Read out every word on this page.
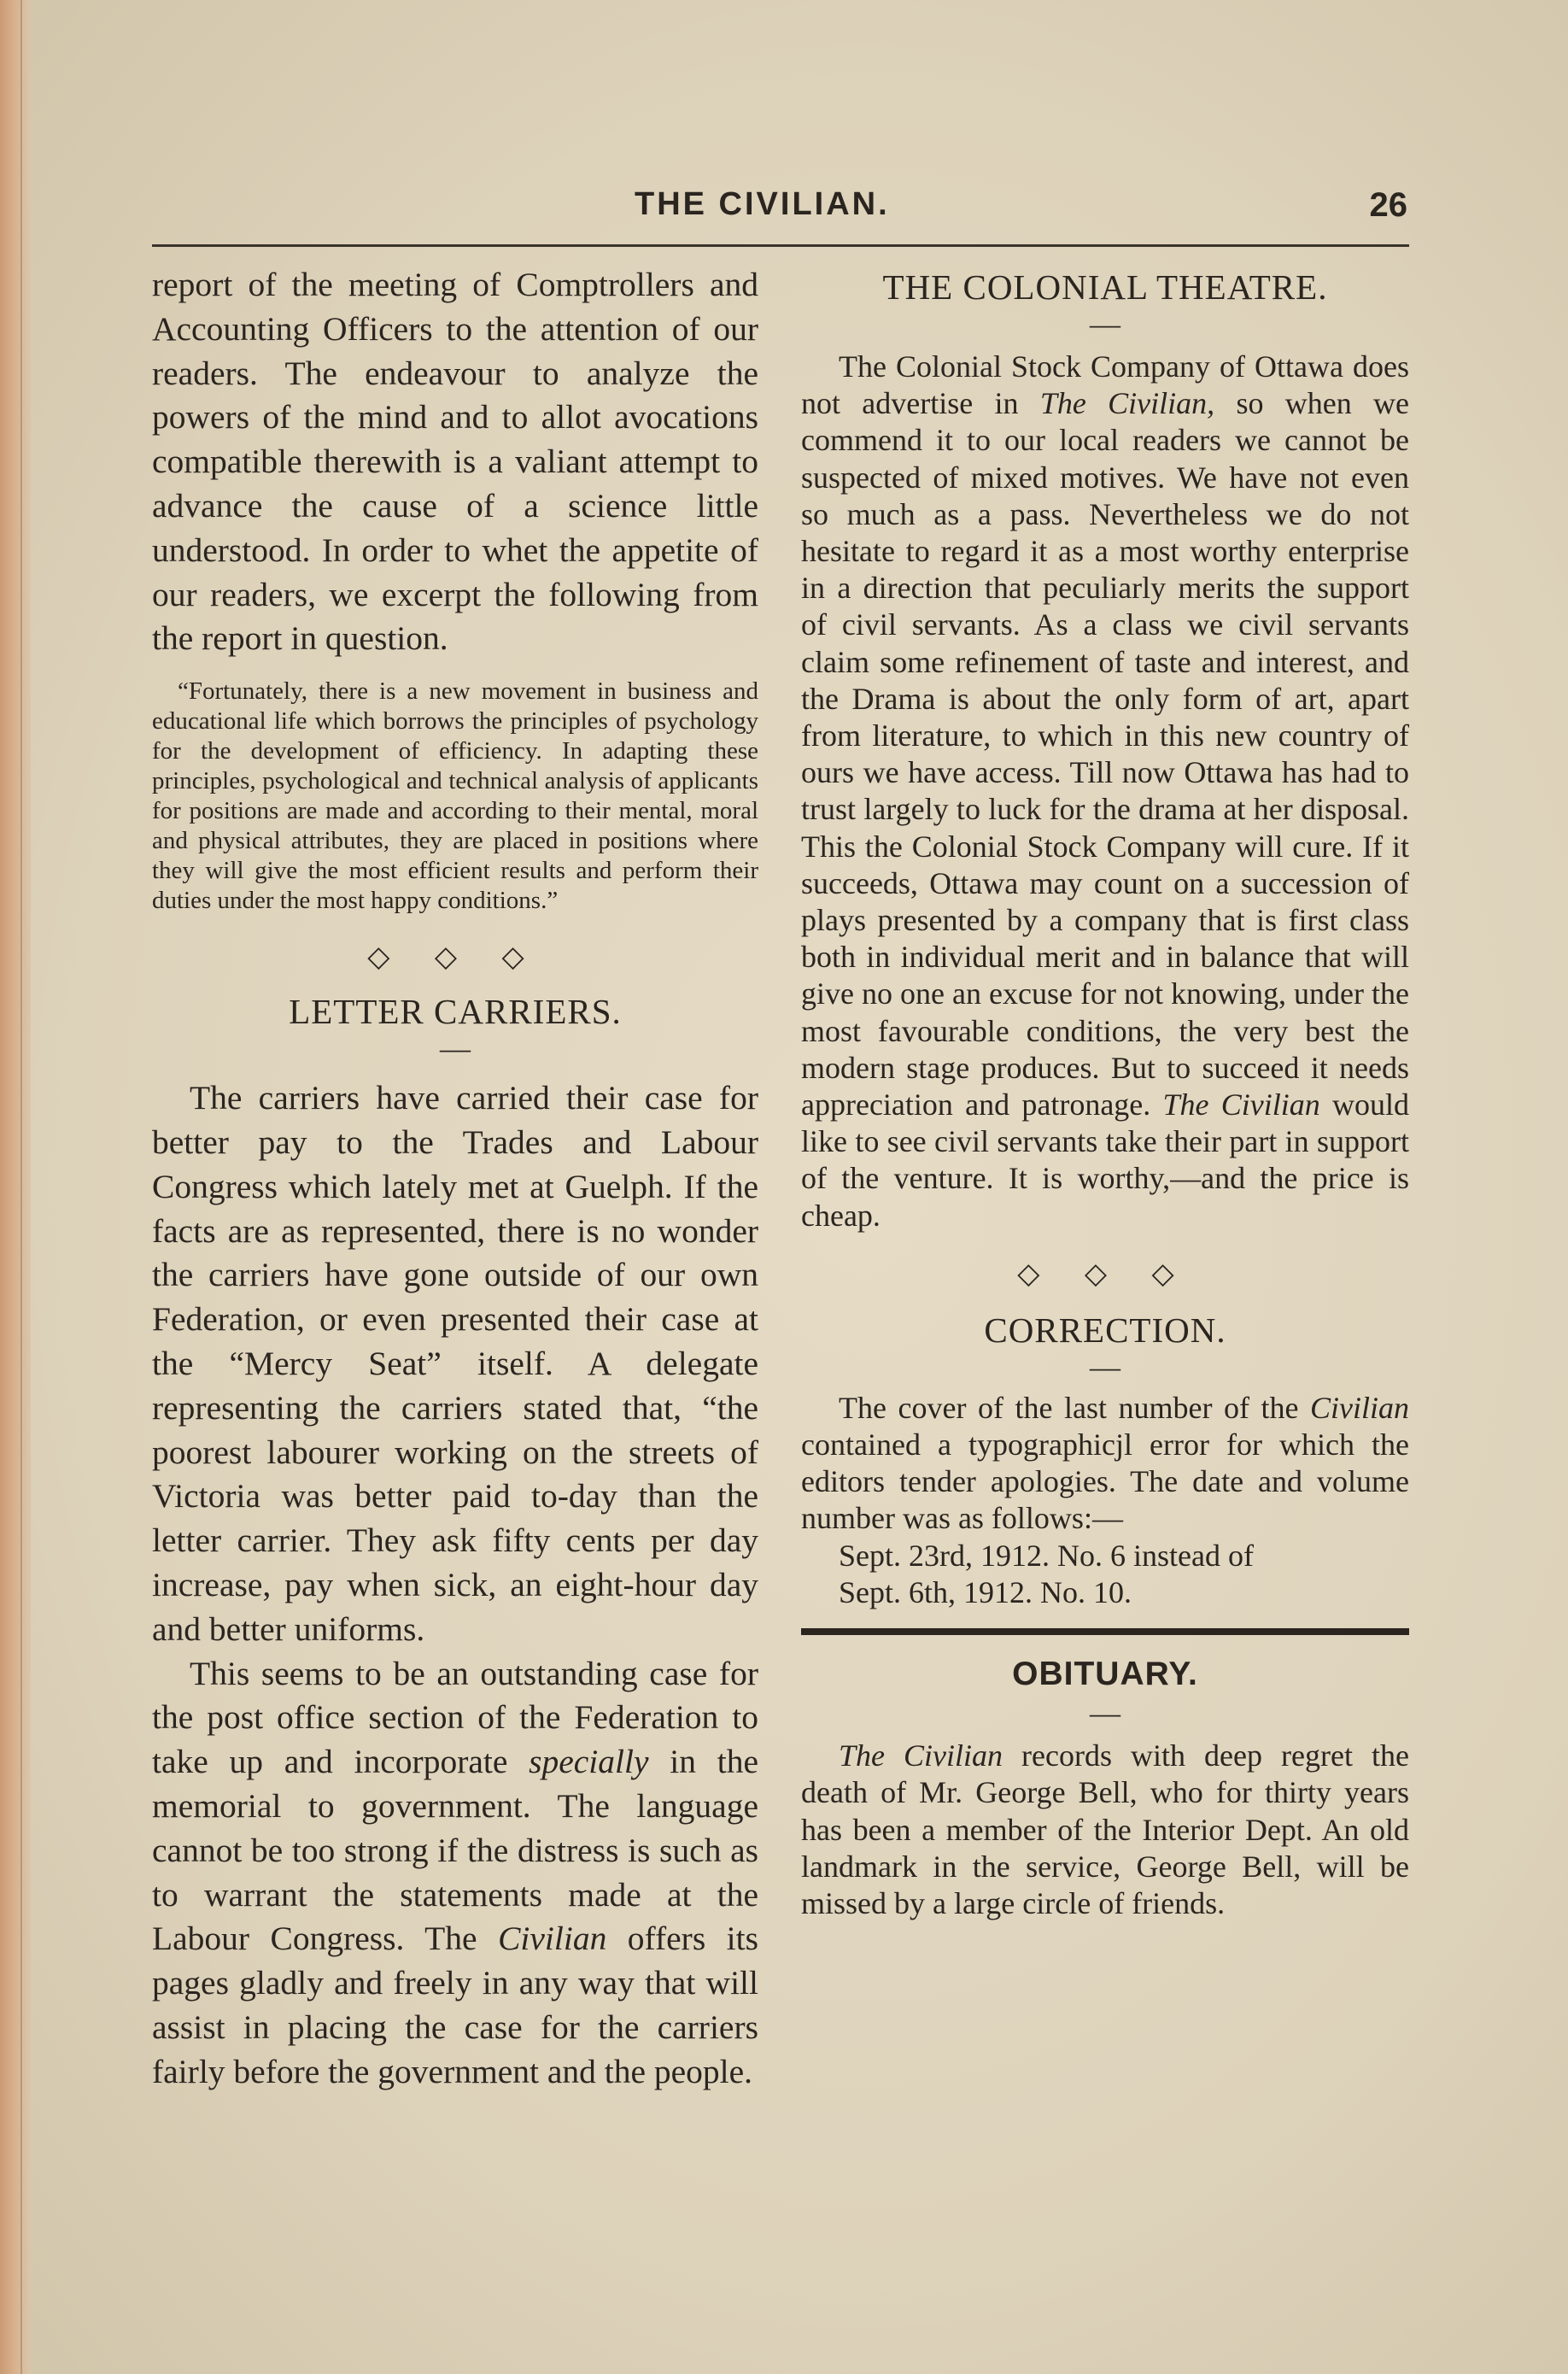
THE CIVILIAN.	26

report of the meeting of Comptrollers and Accounting Officers to the attention of our readers. The endeavour to analyze the powers of the mind and to allot avocations compatible therewith is a valiant attempt to advance the cause of a science little understood. In order to whet the appetite of our readers, we excerpt the following from the report in question.

“Fortunately, there is a new movement in business and educational life which borrows the principles of psychology for the development of efficiency. In adapting these principles, psychological and technical analysis of applicants for positions are made and according to their mental, moral and physical attributes, they are placed in positions where they will give the most efficient results and perform their duties under the most happy conditions.”

◇ ◇ ◇
LETTER CARRIERS.
—

The carriers have carried their case for better pay to the Trades and Labour Congress which lately met at Guelph. If the facts are as represented, there is no wonder the carriers have gone outside of our own Federation, or even presented their case at the “Mercy Seat” itself. A delegate representing the carriers stated that, “the poorest labourer working on the streets of Victoria was better paid to-day than the letter carrier. They ask fifty cents per day increase, pay when sick, an eight-hour day and better uniforms.

This seems to be an outstanding case for the post office section of the Federation to take up and incorporate specially in the memorial to government. The language cannot be too strong if the distress is such as to warrant the statements made at the Labour Congress. The Civilian offers its pages gladly and freely in any way that will assist in placing the case for the carriers fairly before the government and the people.

THE COLONIAL THEATRE.
—

The Colonial Stock Company of Ottawa does not advertise in The Civilian, so when we commend it to our local readers we cannot be suspected of mixed motives. We have not even so much as a pass. Nevertheless we do not hesitate to regard it as a most worthy enterprise in a direction that peculiarly merits the support of civil servants. As a class we civil servants claim some refinement of taste and interest, and the Drama is about the only form of art, apart from literature, to which in this new country of ours we have access. Till now Ottawa has had to trust largely to luck for the drama at her disposal. This the Colonial Stock Company will cure. If it succeeds, Ottawa may count on a succession of plays presented by a company that is first class both in individual merit and in balance that will give no one an excuse for not knowing, under the most favourable conditions, the very best the modern stage produces. But to succeed it needs appreciation and patronage. The Civilian would like to see civil servants take their part in support of the venture. It is worthy,—and the price is cheap.

◇ ◇ ◇
CORRECTION.
—

The cover of the last number of the Civilian contained a typographicjl error for which the editors tender apologies. The date and volume number was as follows:—

Sept. 23rd, 1912. No. 6 instead of

Sept. 6th, 1912. No. 10.

OBITUARY.
—

The Civilian records with deep regret the death of Mr. George Bell, who for thirty years has been a member of the Interior Dept. An old landmark in the service, George Bell, will be missed by a large circle of friends.
